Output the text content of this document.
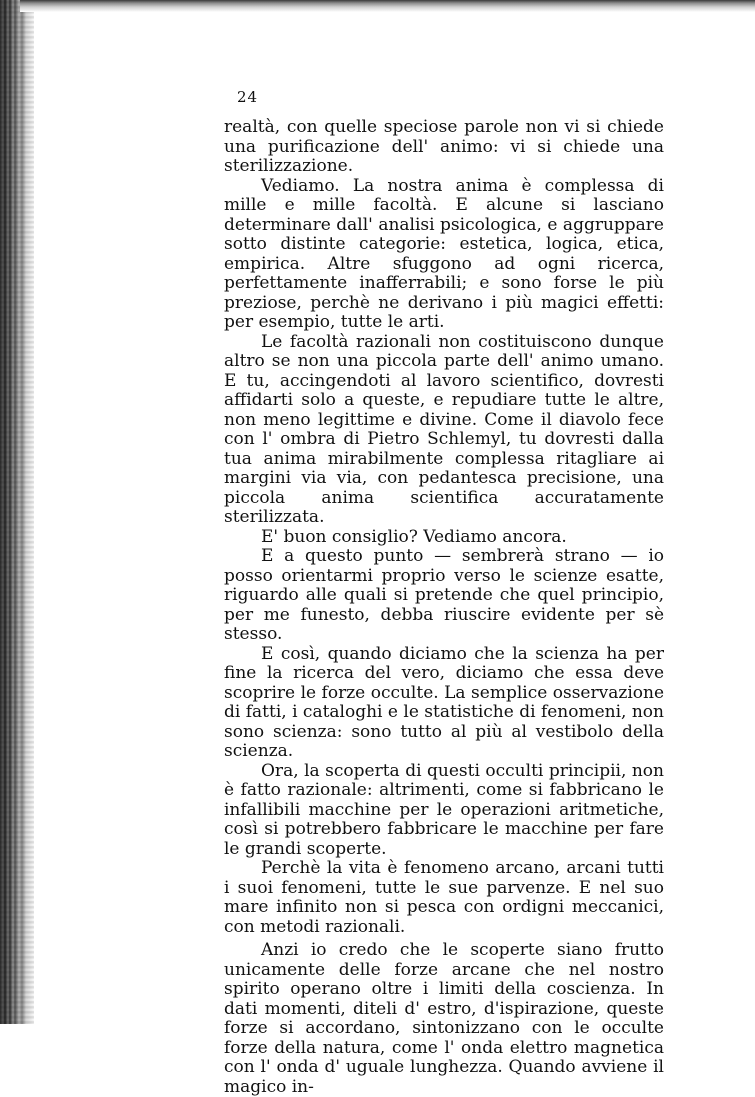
24

realtà, con quelle speciose parole non vi si chiede una purificazione dell' animo: vi si chiede una sterilizzazione.

Vediamo. La nostra anima è complessa di mille e mille facoltà. E alcune si lasciano determinare dall' analisi psicologica, e aggruppare sotto distinte categorie: estetica, logica, etica, empirica. Altre sfuggono ad ogni ricerca, perfettamente inafferrabili; e sono forse le più preziose, perchè ne derivano i più magici effetti: per esempio, tutte le arti.

Le facoltà razionali non costituiscono dunque altro se non una piccola parte dell' animo umano. E tu, accingendoti al lavoro scientifico, dovresti affidarti solo a queste, e repudiare tutte le altre, non meno legittime e divine. Come il diavolo fece con l' ombra di Pietro Schlemyl, tu dovresti dalla tua anima mirabilmente complessa ritagliare ai margini via via, con pedantesca precisione, una piccola anima scientifica accuratamente sterilizzata.

E' buon consiglio? Vediamo ancora.

E a questo punto — sembrerà strano — io posso orientarmi proprio verso le scienze esatte, riguardo alle quali si pretende che quel principio, per me funesto, debba riuscire evidente per sè stesso.

E così, quando diciamo che la scienza ha per fine la ricerca del vero, diciamo che essa deve scoprire le forze occulte. La semplice osservazione di fatti, i cataloghi e le statistiche di fenomeni, non sono scienza: sono tutto al più al vestibolo della scienza.

Ora, la scoperta di questi occulti principii, non è fatto razionale: altrimenti, come si fabbricano le infallibili macchine per le operazioni aritmetiche, così si potrebbero fabbricare le macchine per fare le grandi scoperte.

Perchè la vita è fenomeno arcano, arcani tutti i suoi fenomeni, tutte le sue parvenze. E nel suo mare infinito non si pesca con ordigni meccanici, con metodi razionali.

Anzi io credo che le scoperte siano frutto unicamente delle forze arcane che nel nostro spirito operano oltre i limiti della coscienza. In dati momenti, diteli d' estro, d'ispirazione, queste forze si accordano, sintonizzano con le occulte forze della natura, come l' onda elettro magnetica con l' onda d' uguale lunghezza. Quando avviene il magico in-
